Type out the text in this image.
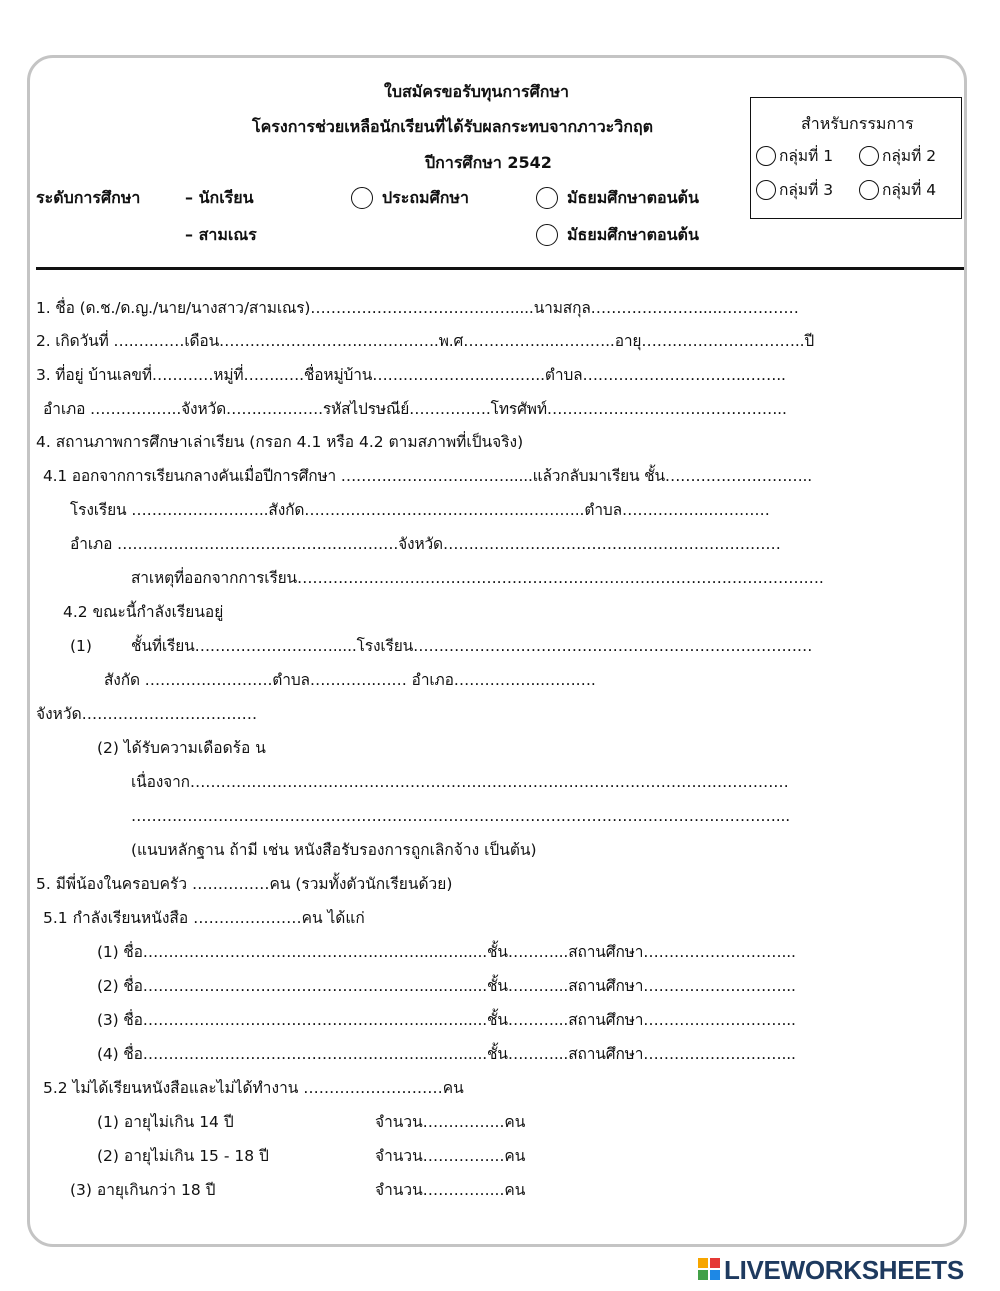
ใบสมัครขอรับทุนการศึกษา
โครงการช่วยเหลือนักเรียนที่ได้รับผลกระทบจากภาวะวิกฤต
ปีการศึกษา 2542
ระดับการศึกษา	– นักเรียน
– สามเณร
ประถมศึกษา	มัธยมศึกษาตอนต้น
มัธยมศึกษาตอนต้น
สำหรับกรรมการ
กลุ่มที่ 1	กลุ่มที่ 2
กลุ่มที่ 3	กลุ่มที่ 4
1. ชื่อ (ด.ช./ด.ญ./นาย/นางสาว/สามเณร)………………………………….....นามสกุล………………….....……………
2. เกิดวันที่ ….….……เดือน…………………………………….พ.ศ……………....………..อายุ…………………………..ปี
3. ที่อยู่ บ้านเลขที่…………หมู่ที่……..….ชื่อหมู่บ้าน…………………..………..ตำบล…………………………..……..
อำเภอ ………….…..จังหวัด……………….รหัสไปรษณีย์…………….โทรศัพท์………………………………………..
4. สถานภาพการศึกษาเล่าเรียน (กรอก 4.1 หรือ 4.2 ตามสภาพที่เป็นจริง)
4.1 ออกจากการเรียนกลางคันเมื่อปีการศึกษา …………………………….....แล้วกลับมาเรียน ชั้น………………………..
โรงเรียน ………………….…..สังกัด……………………………………..………..ตำบล……………..…………
อำเภอ ……………………………………………….จังหวัด…………………………………………………………
สาเหตุที่ออกจากการเรียน………………………………………………………………………………………….
4.2 ขณะนี้กำลังเรียนอยู่
(1)	ชั้นที่เรียน……………………….....โรงเรียน……………………………………………………………………
สังกัด …………………….ตำบล………….…… อำเภอ……………...……….
จังหวัด………………………….…
(2) ได้รับความเดือดร้อ น
เนื่องจาก………………………………………………………………………………………………………
………………………………………………………………………………………………………………...
(แนบหลักฐาน ถ้ามี เช่น หนังสือรับรองการถูกเลิกจ้าง เป็นต้น)
5. มีพี่น้องในครอบครัว ……………คน (รวมทั้งตัวนักเรียนด้วย)
5.1 กำลังเรียนหนังสือ …………………คน ได้แก่
(1) ชื่อ……………………………………………….....…......ชั้น………...สถานศึกษา………………………...
(2) ชื่อ……………………………………………….....…......ชั้น………...สถานศึกษา………………………...
(3) ชื่อ……………………………………………….....…......ชั้น………...สถานศึกษา………………………...
(4) ชื่อ……………………………………………….....…......ชั้น………...สถานศึกษา………………………...
5.2 ไม่ได้เรียนหนังสือและไม่ได้ทำงาน ………………………คน
(1) อายุไม่เกิน 14 ปี	จำนวน…………....คน
(2) อายุไม่เกิน 15 - 18 ปี	จำนวน…………....คน
(3) อายุเกินกว่า 18 ปี	จำนวน…………....คน
LIVEWORKSHEETS
